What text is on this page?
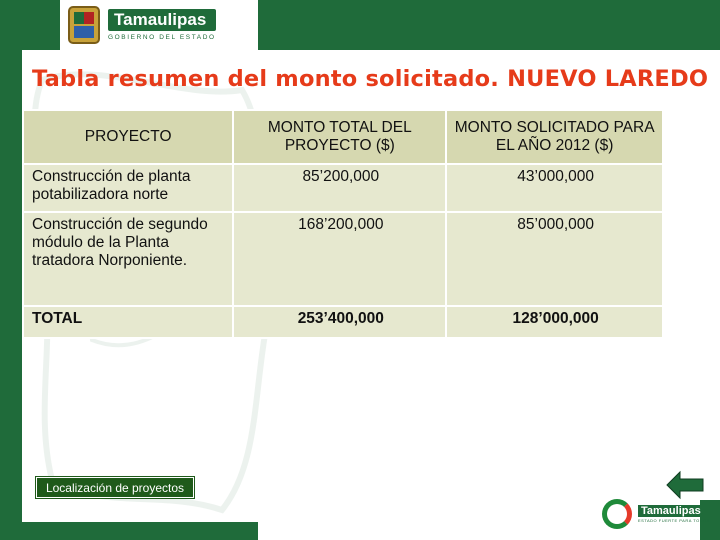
Tamaulipas
GOBIERNO DEL ESTADO
Tabla resumen del monto solicitado. NUEVO LAREDO
PROYECTO	MONTO TOTAL DEL PROYECTO ($)	MONTO SOLICITADO PARA EL AÑO 2012 ($)
Construcción de planta potabilizadora norte	85’200,000	43’000,000
Construcción de segundo módulo de la Planta tratadora Norponiente.	168’200,000	85’000,000
TOTAL	253’400,000	128’000,000
Localización de proyectos
Tamaulipas
ESTADO FUERTE PARA TODOS
